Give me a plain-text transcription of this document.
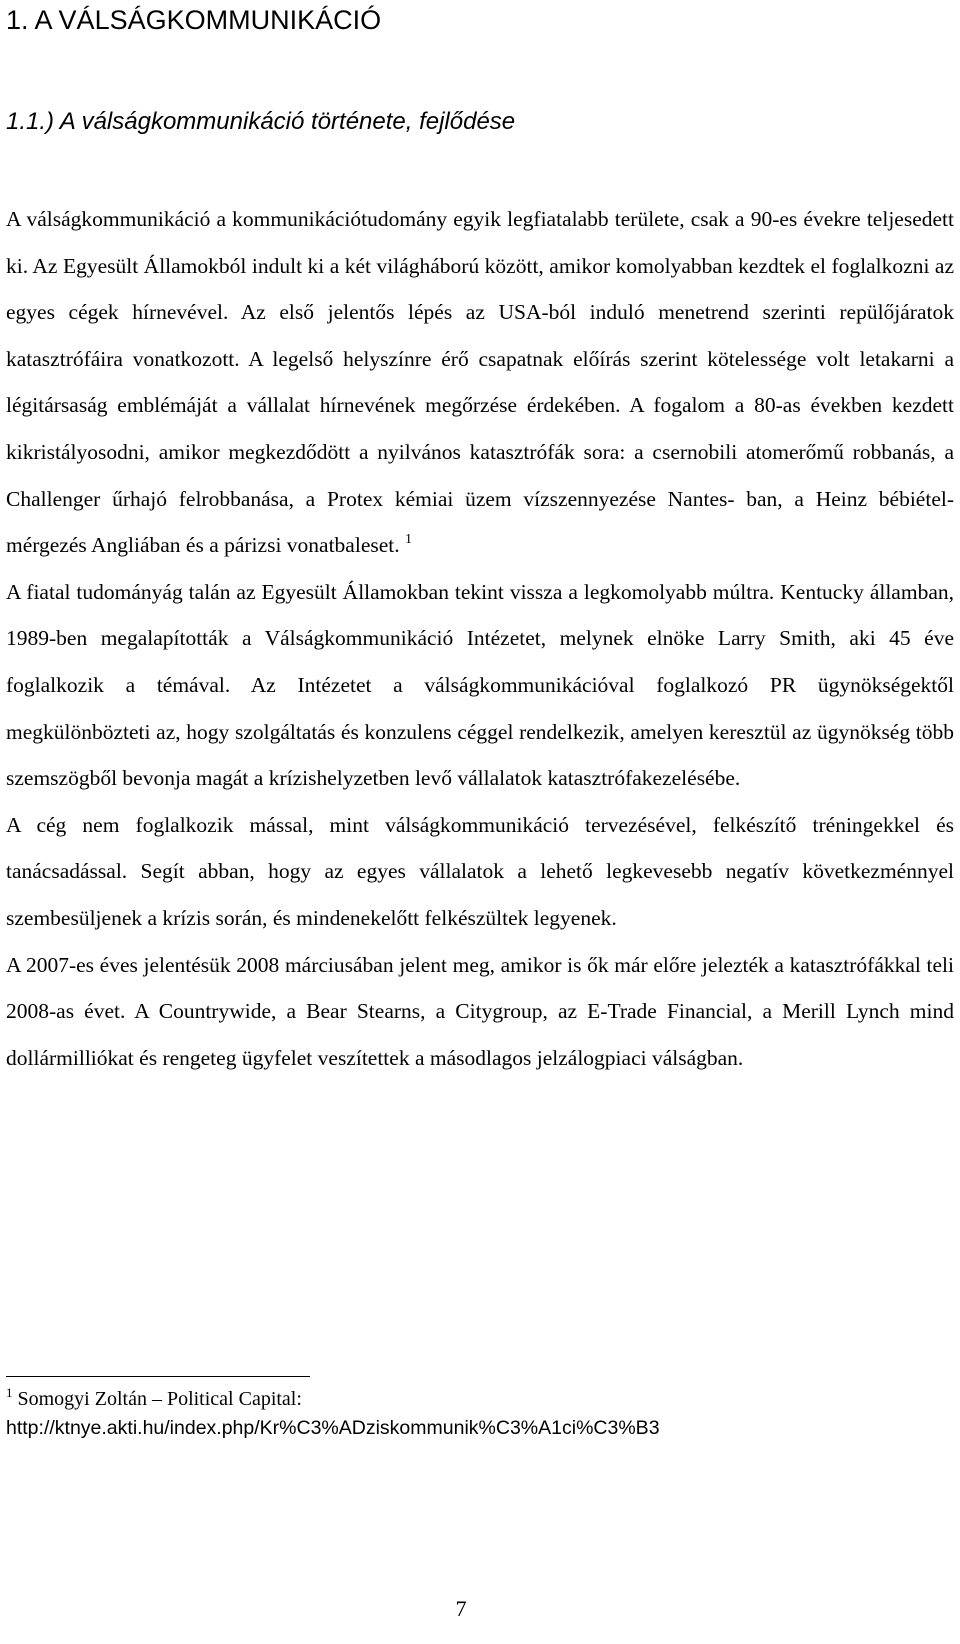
1. A VÁLSÁGKOMMUNIKÁCIÓ
1.1.) A válságkommunikáció története, fejlődése

A válságkommunikáció a kommunikációtudomány egyik legfiatalabb területe, csak a 90-es évekre teljesedett ki. Az Egyesült Államokból indult ki a két világháború között, amikor komolyabban kezdtek el foglalkozni az egyes cégek hírnevével. Az első jelentős lépés az USA-ból induló menetrend szerinti repülőjáratok katasztrófáira vonatkozott. A legelső helyszínre érő csapatnak előírás szerint kötelessége volt letakarni a légitársaság emblémáját a vállalat hírnevének megőrzése érdekében. A fogalom a 80-as években kezdett kikristályosodni, amikor megkezdődött a nyilvános katasztrófák sora: a csernobili atomerőmű robbanás, a Challenger űrhajó felrobbanása, a Protex kémiai üzem vízszennyezése Nantes- ban, a Heinz bébiétel-mérgezés Angliában és a párizsi vonatbaleset. $^1$

A fiatal tudományág talán az Egyesült Államokban tekint vissza a legkomolyabb múltra. Kentucky államban, 1989-ben megalapították a Válságkommunikáció Intézetet, melynek elnöke Larry Smith, aki 45 éve foglalkozik a témával. Az Intézetet a válságkommunikációval foglalkozó PR ügynökségektől megkülönbözteti az, hogy szolgáltatás és konzulens céggel rendelkezik, amelyen keresztül az ügynökség több szemszögből bevonja magát a krízishelyzetben levő vállalatok katasztrófakezelésébe.

A cég nem foglalkozik mással, mint válságkommunikáció tervezésével, felkészítő tréningekkel és tanácsadással. Segít abban, hogy az egyes vállalatok a lehető legkevesebb negatív következménnyel szembesüljenek a krízis során, és mindenekelőtt felkészültek legyenek.

A 2007-es éves jelentésük 2008 márciusában jelent meg, amikor is ők már előre jelezték a katasztrófákkal teli 2008-as évet. A Countrywide, a Bear Stearns, a Citygroup, az E-Trade Financial, a Merill Lynch mind dollármilliókat és rengeteg ügyfelet veszítettek a másodlagos jelzálogpiaci válságban.

$^1$ Somogyi Zoltán – Political Capital:
http://ktnye.akti.hu/index.php/Kr%C3%ADziskommunik%C3%A1ci%C3%B3
7
